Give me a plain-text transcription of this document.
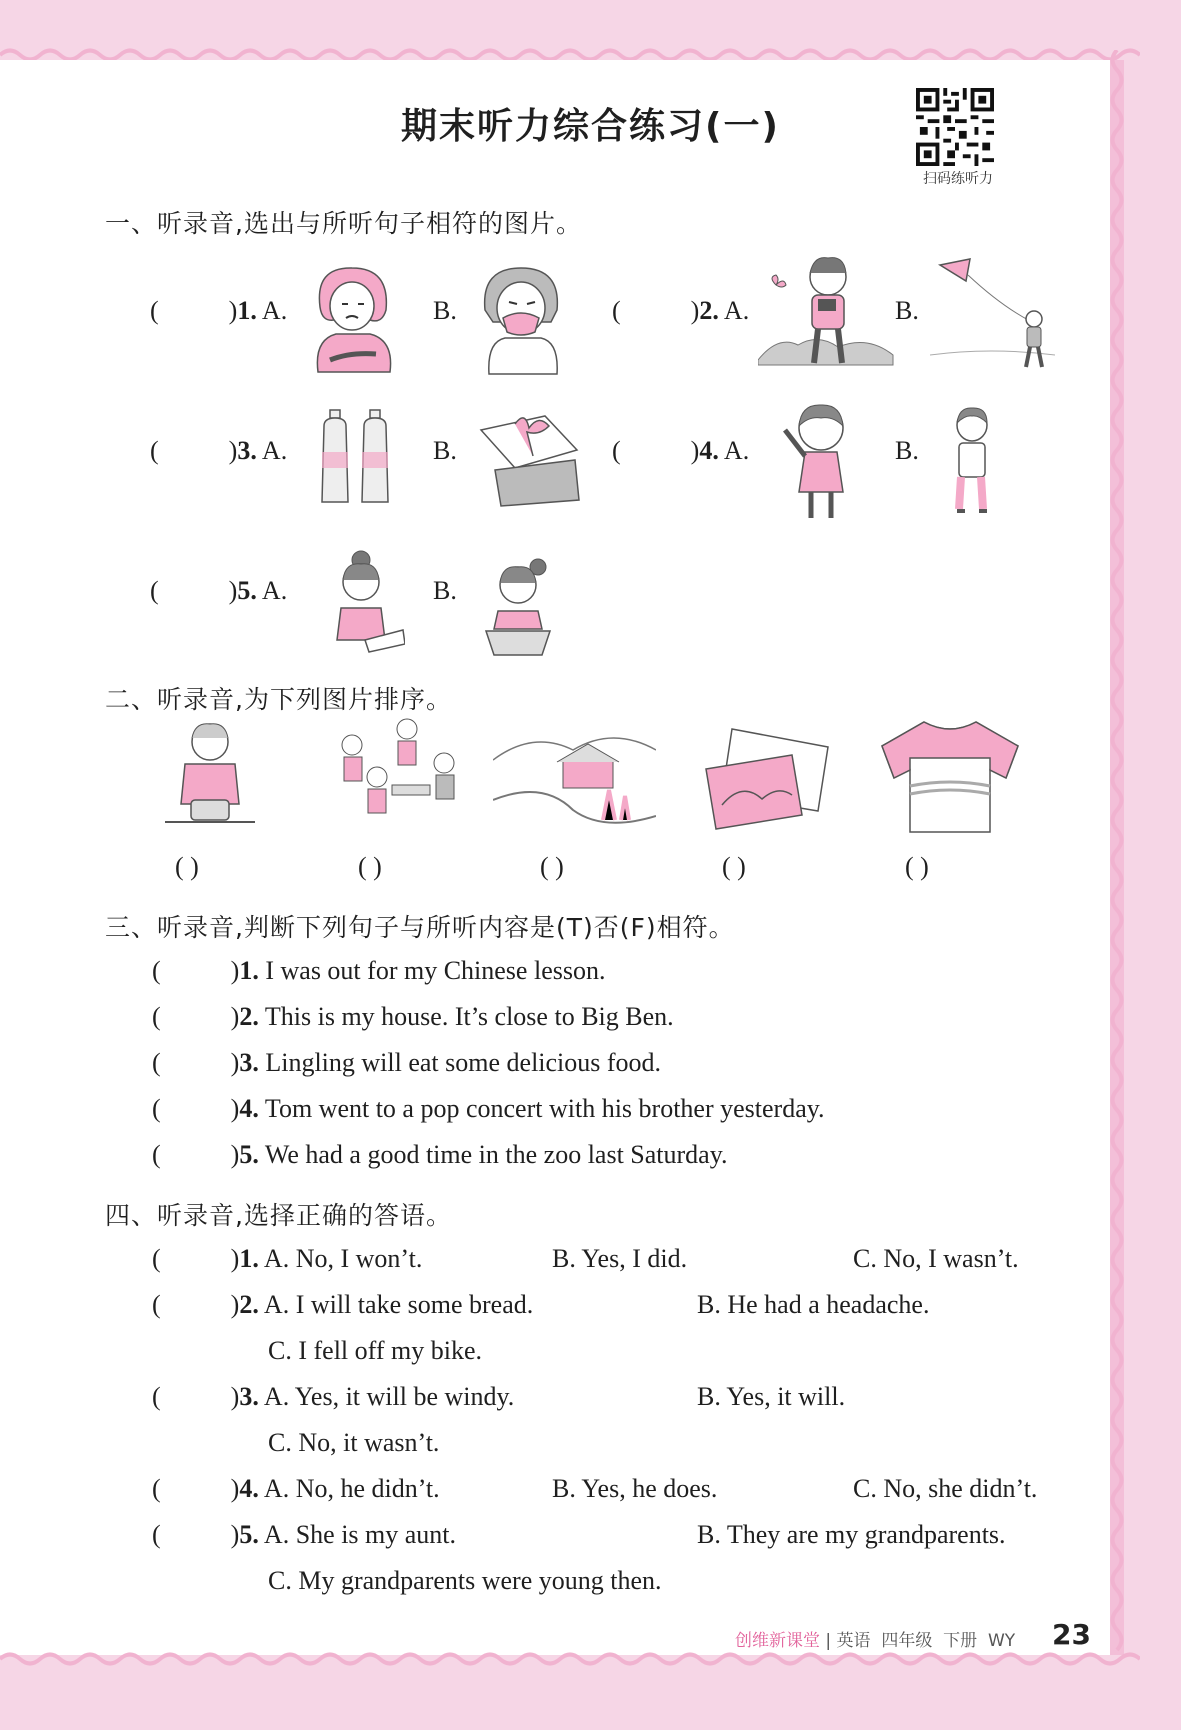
期末听力综合练习(一)
扫码练听力
一、听录音,选出与所听句子相符的图片。
(	)1. A.	B.	(	)2. A.	B.
(	)3. A.	B.	(	)4. A.	B.
(	)5. A.	B.
二、听录音,为下列图片排序。
( )	( )	( )	( )	( )
三、听录音,判断下列句子与所听内容是(T)否(F)相符。
(	)1. I was out for my Chinese lesson.
(	)2. This is my house. It’s close to Big Ben.
(	)3. Lingling will eat some delicious food.
(	)4. Tom went to a pop concert with his brother yesterday.
(	)5. We had a good time in the zoo last Saturday.
四、听录音,选择正确的答语。
(	)1. A. No, I won’t.	B. Yes, I did.	C. No, I wasn’t.
(	)2. A. I will take some bread.	B. He had a headache.
C. I fell off my bike.
(	)3. A. Yes, it will be windy.	B. Yes, it will.
C. No, it wasn’t.
(	)4. A. No, he didn’t.	B. Yes, he does.	C. No, she didn’t.
(	)5. A. She is my aunt.	B. They are my grandparents.
C. My grandparents were young then.
创维新课堂 | 英语 四年级 下册 WY 23
